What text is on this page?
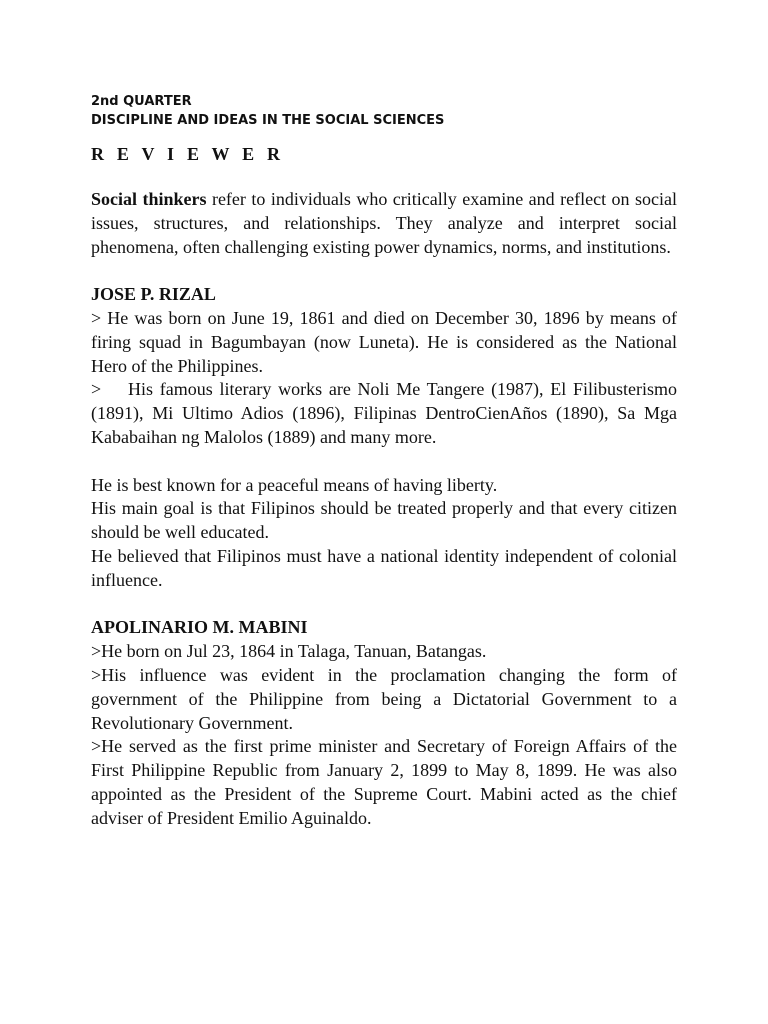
2nd QUARTER

DISCIPLINE AND IDEAS IN THE SOCIAL SCIENCES

R E V I E W E R

Social thinkers refer to individuals who critically examine and reflect on social issues, structures, and relationships. They analyze and interpret social phenomena, often challenging existing power dynamics, norms, and institutions.

JOSE P. RIZAL

> He was born on June 19, 1861 and died on December 30, 1896 by means of firing squad in Bagumbayan (now Luneta). He is considered as the National Hero of the Philippines.

>    His famous literary works are Noli Me Tangere (1987), El Filibusterismo (1891), Mi Ultimo Adios (1896), Filipinas DentroCienAños (1890), Sa Mga Kababaihan ng Malolos (1889) and many more.

He is best known for a peaceful means of having liberty.

His main goal is that Filipinos should be treated properly and that every citizen should be well educated.

He believed that Filipinos must have a national identity independent of colonial influence.

APOLINARIO M. MABINI

>He born on Jul 23, 1864 in Talaga, Tanuan, Batangas.

>His influence was evident in the proclamation changing the form of government of the Philippine from being a Dictatorial Government to a Revolutionary Government.

>He served as the first prime minister and Secretary of Foreign Affairs of the First Philippine Republic from January 2, 1899 to May 8, 1899. He was also appointed as the President of the Supreme Court. Mabini acted as the chief adviser of President Emilio Aguinaldo.
